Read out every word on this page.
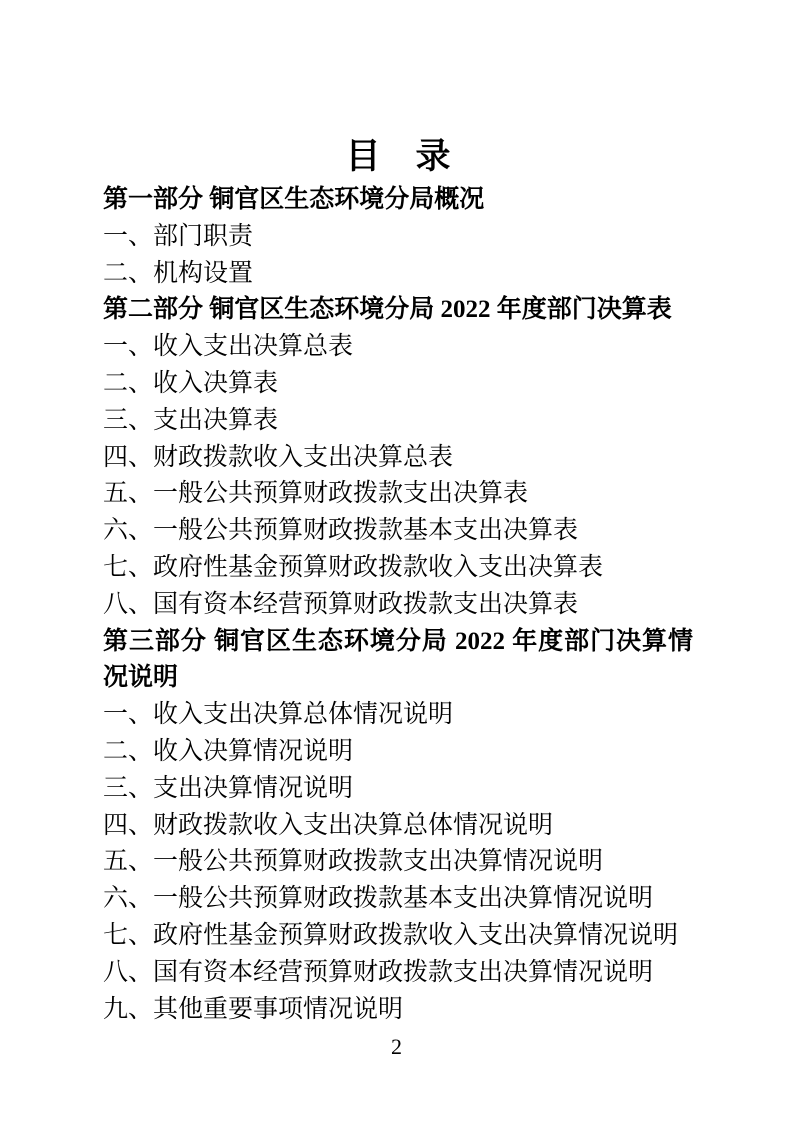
目　录

第一部分 铜官区生态环境分局概况

一、部门职责

二、机构设置

第二部分 铜官区生态环境分局 2022 年度部门决算表

一、收入支出决算总表

二、收入决算表

三、支出决算表

四、财政拨款收入支出决算总表

五、一般公共预算财政拨款支出决算表

六、一般公共预算财政拨款基本支出决算表

七、政府性基金预算财政拨款收入支出决算表

八、国有资本经营预算财政拨款支出决算表

第三部分 铜官区生态环境分局 2022 年度部门决算情况说明

一、收入支出决算总体情况说明

二、收入决算情况说明

三、支出决算情况说明

四、财政拨款收入支出决算总体情况说明

五、一般公共预算财政拨款支出决算情况说明

六、一般公共预算财政拨款基本支出决算情况说明

七、政府性基金预算财政拨款收入支出决算情况说明

八、国有资本经营预算财政拨款支出决算情况说明

九、其他重要事项情况说明

2
